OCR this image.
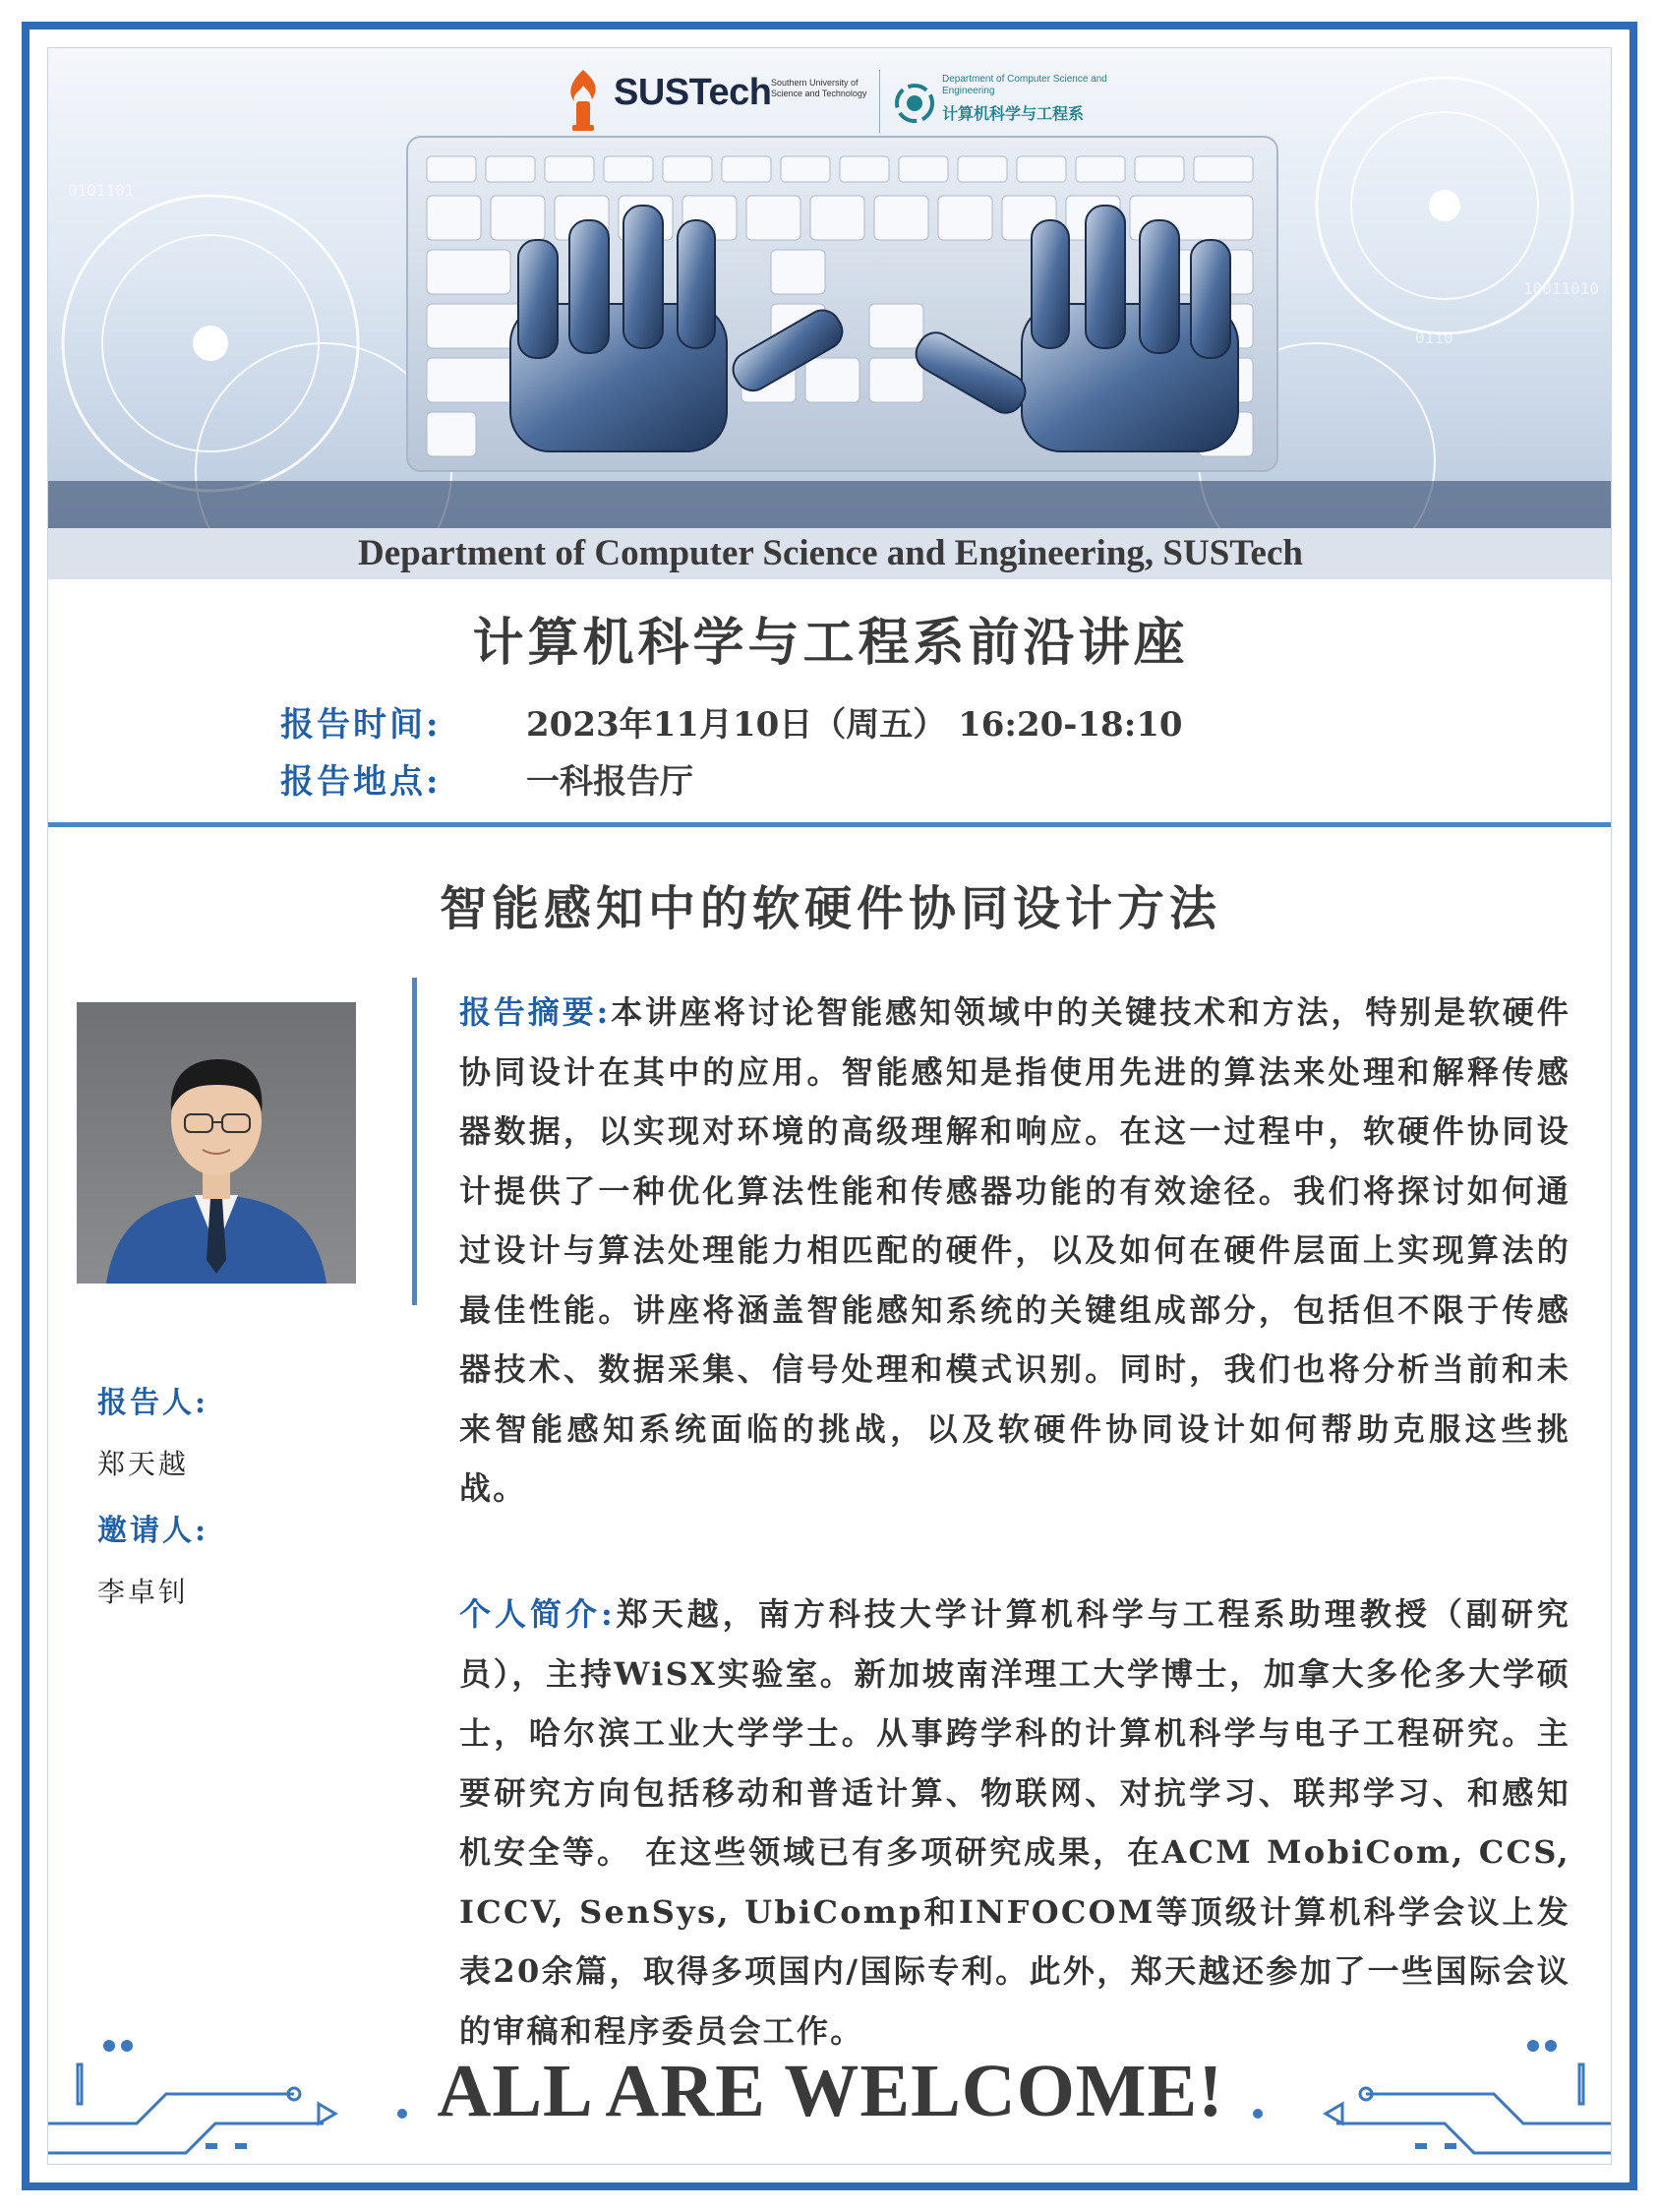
0101101
10011010
0110
SUSTech Southern University of Science and Technology
Department of Computer Science and Engineering
计算机科学与工程系
Department of Computer Science and Engineering, SUSTech
计算机科学与工程系前沿讲座
报告时间:	2023年11月10日（周五） 16:20-18:10
报告地点:	一科报告厅
智能感知中的软硬件协同设计方法
报告人:
郑天越
邀请人:
李卓钊
报告摘要:本讲座将讨论智能感知领域中的关键技术和方法，特别是软硬件协同设计在其中的应用。智能感知是指使用先进的算法来处理和解释传感器数据，以实现对环境的高级理解和响应。在这一过程中，软硬件协同设计提供了一种优化算法性能和传感器功能的有效途径。我们将探讨如何通过设计与算法处理能力相匹配的硬件，以及如何在硬件层面上实现算法的最佳性能。讲座将涵盖智能感知系统的关键组成部分，包括但不限于传感器技术、数据采集、信号处理和模式识别。同时，我们也将分析当前和未来智能感知系统面临的挑战，以及软硬件协同设计如何帮助克服这些挑战。
个人简介:郑天越，南方科技大学计算机科学与工程系助理教授（副研究员），主持WiSX实验室。新加坡南洋理工大学博士，加拿大多伦多大学硕士，哈尔滨工业大学学士。从事跨学科的计算机科学与电子工程研究。主要研究方向包括移动和普适计算、物联网、对抗学习、联邦学习、和感知机安全等。 在这些领域已有多项研究成果，在ACM MobiCom, CCS, ICCV, SenSys, UbiComp和INFOCOM等顶级计算机科学会议上发表20余篇，取得多项国内/国际专利。此外，郑天越还参加了一些国际会议的审稿和程序委员会工作。
ALL ARE WELCOME!
